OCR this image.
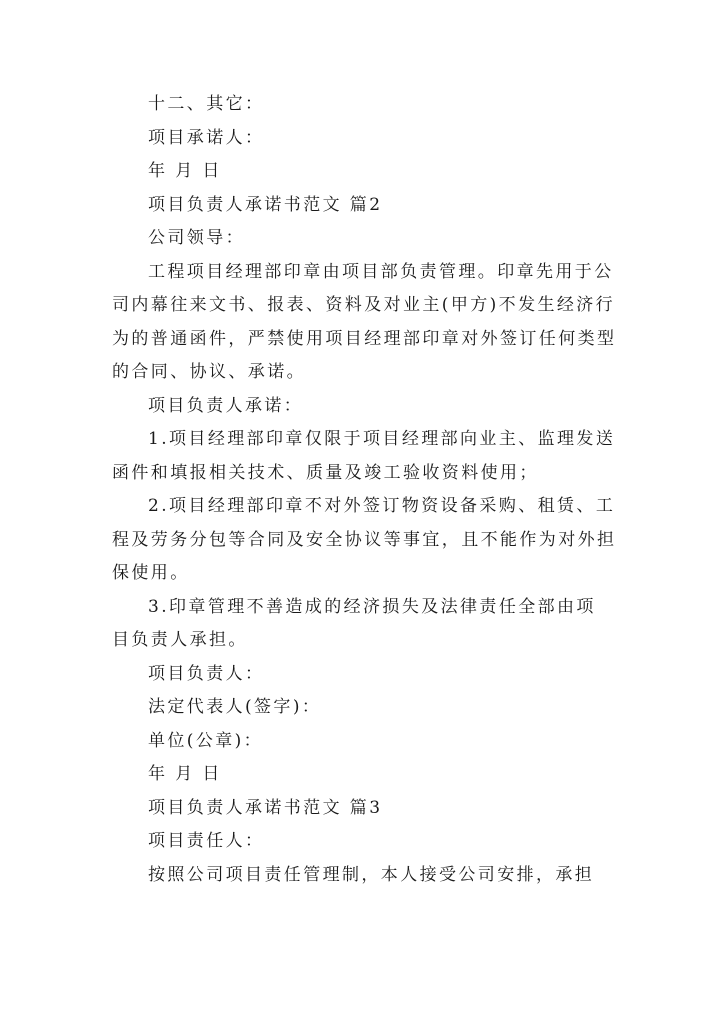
十二、其它：
项目承诺人：
年 月 日
项目负责人承诺书范文 篇2
公司领导：
工程项目经理部印章由项目部负责管理。印章先用于公
司内幕往来文书、报表、资料及对业主(甲方)不发生经济行
为的普通函件，严禁使用项目经理部印章对外签订任何类型
的合同、协议、承诺。
项目负责人承诺：
1.项目经理部印章仅限于项目经理部向业主、监理发送
函件和填报相关技术、质量及竣工验收资料使用；
2.项目经理部印章不对外签订物资设备采购、租赁、工
程及劳务分包等合同及安全协议等事宜，且不能作为对外担
保使用。
3.印章管理不善造成的经济损失及法律责任全部由项
目负责人承担。
项目负责人：
法定代表人(签字)：
单位(公章)：
年 月 日
项目负责人承诺书范文 篇3
项目责任人：
按照公司项目责任管理制，本人接受公司安排，承担
